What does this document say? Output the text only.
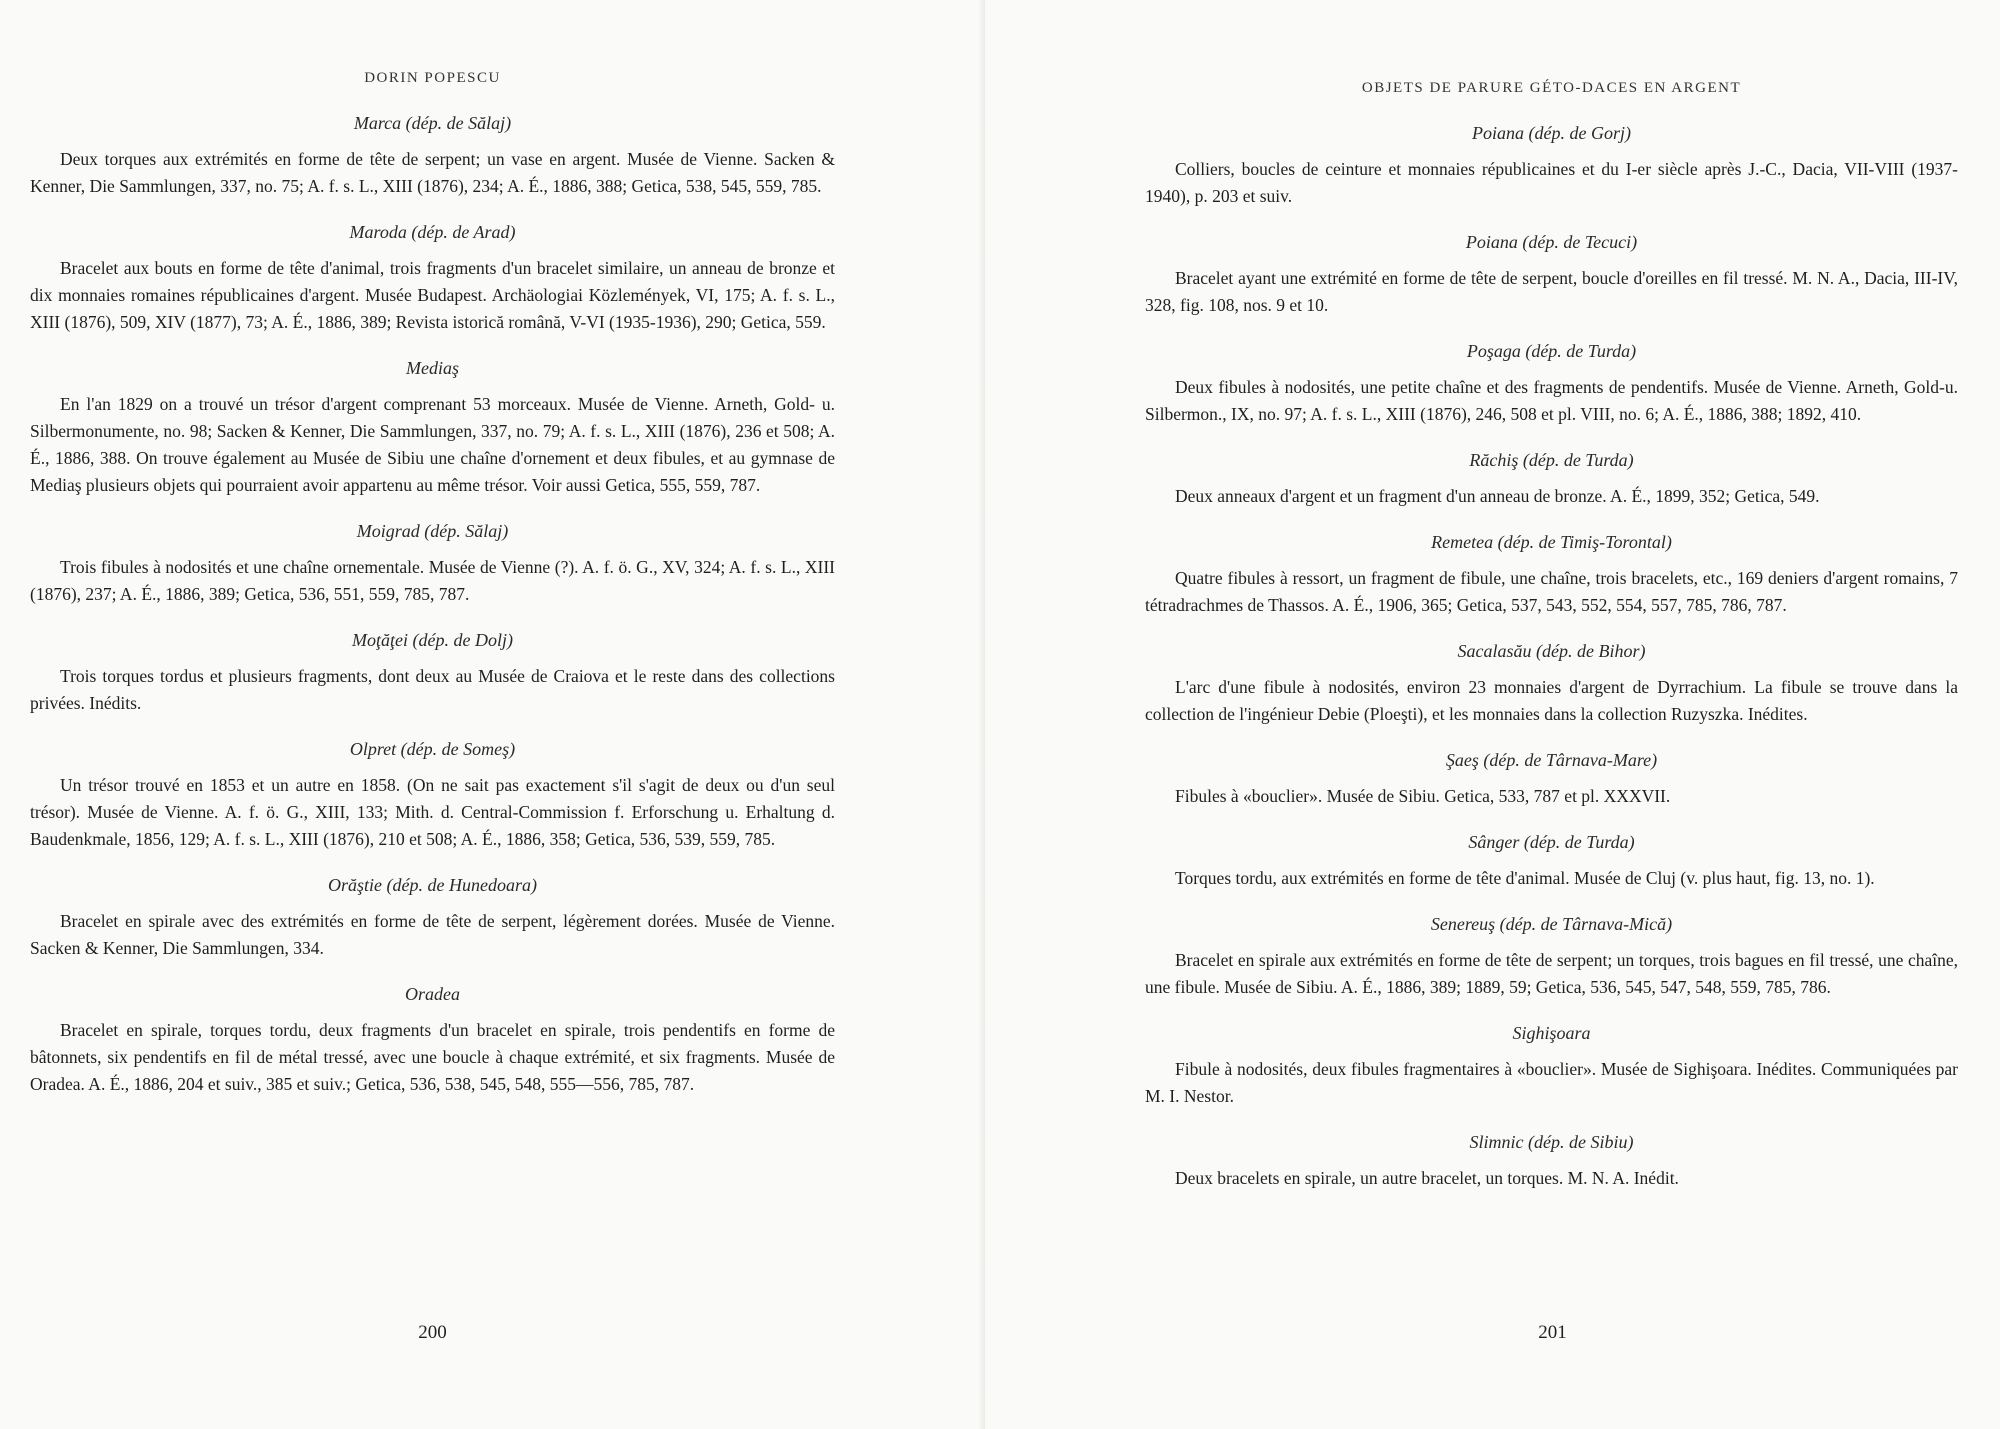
DORIN POPESCU
Marca (dép. de Sălaj)

Deux torques aux extrémités en forme de tête de serpent; un vase en argent. Musée de Vienne. Sacken & Kenner, Die Sammlungen, 337, no. 75; A. f. s. L., XIII (1876), 234; A. É., 1886, 388; Getica, 538, 545, 559, 785.

Maroda (dép. de Arad)

Bracelet aux bouts en forme de tête d'animal, trois fragments d'un bracelet similaire, un anneau de bronze et dix monnaies romaines républicaines d'argent. Musée Budapest. Archäologiai Közlemények, VI, 175; A. f. s. L., XIII (1876), 509, XIV (1877), 73; A. É., 1886, 389; Revista istorică română, V-VI (1935-1936), 290; Getica, 559.

Mediaş

En l'an 1829 on a trouvé un trésor d'argent comprenant 53 morceaux. Musée de Vienne. Arneth, Gold- u. Silbermonumente, no. 98; Sacken & Kenner, Die Sammlungen, 337, no. 79; A. f. s. L., XIII (1876), 236 et 508; A. É., 1886, 388. On trouve également au Musée de Sibiu une chaîne d'ornement et deux fibules, et au gymnase de Mediaş plusieurs objets qui pourraient avoir appartenu au même trésor. Voir aussi Getica, 555, 559, 787.

Moigrad (dép. Sălaj)

Trois fibules à nodosités et une chaîne ornementale. Musée de Vienne (?). A. f. ö. G., XV, 324; A. f. s. L., XIII (1876), 237; A. É., 1886, 389; Getica, 536, 551, 559, 785, 787.

Moţăţei (dép. de Dolj)

Trois torques tordus et plusieurs fragments, dont deux au Musée de Craiova et le reste dans des collections privées. Inédits.

Olpret (dép. de Someş)

Un trésor trouvé en 1853 et un autre en 1858. (On ne sait pas exactement s'il s'agit de deux ou d'un seul trésor). Musée de Vienne. A. f. ö. G., XIII, 133; Mith. d. Central-Commission f. Erforschung u. Erhaltung d. Baudenkmale, 1856, 129; A. f. s. L., XIII (1876), 210 et 508; A. É., 1886, 358; Getica, 536, 539, 559, 785.

Orăştie (dép. de Hunedoara)

Bracelet en spirale avec des extrémités en forme de tête de serpent, légèrement dorées. Musée de Vienne. Sacken & Kenner, Die Sammlungen, 334.

Oradea

Bracelet en spirale, torques tordu, deux fragments d'un bracelet en spirale, trois pendentifs en forme de bâtonnets, six pendentifs en fil de métal tressé, avec une boucle à chaque extrémité, et six fragments. Musée de Oradea. A. É., 1886, 204 et suiv., 385 et suiv.; Getica, 536, 538, 545, 548, 555—556, 785, 787.

200
OBJETS DE PARURE GÉTO-DACES EN ARGENT
Poiana (dép. de Gorj)

Colliers, boucles de ceinture et monnaies républicaines et du I-er siècle après J.-C., Dacia, VII-VIII (1937-1940), p. 203 et suiv.

Poiana (dép. de Tecuci)

Bracelet ayant une extrémité en forme de tête de serpent, boucle d'oreilles en fil tressé. M. N. A., Dacia, III-IV, 328, fig. 108, nos. 9 et 10.

Poşaga (dép. de Turda)

Deux fibules à nodosités, une petite chaîne et des fragments de pendentifs. Musée de Vienne. Arneth, Gold-u. Silbermon., IX, no. 97; A. f. s. L., XIII (1876), 246, 508 et pl. VIII, no. 6; A. É., 1886, 388; 1892, 410.

Răchiş (dép. de Turda)

Deux anneaux d'argent et un fragment d'un anneau de bronze. A. É., 1899, 352; Getica, 549.

Remetea (dép. de Timiş-Torontal)

Quatre fibules à ressort, un fragment de fibule, une chaîne, trois bracelets, etc., 169 deniers d'argent romains, 7 tétradrachmes de Thassos. A. É., 1906, 365; Getica, 537, 543, 552, 554, 557, 785, 786, 787.

Sacalasău (dép. de Bihor)

L'arc d'une fibule à nodosités, environ 23 monnaies d'argent de Dyrrachium. La fibule se trouve dans la collection de l'ingénieur Debie (Ploeşti), et les monnaies dans la collection Ruzyszka. Inédites.

Şaeş (dép. de Târnava-Mare)

Fibules à «bouclier». Musée de Sibiu. Getica, 533, 787 et pl. XXXVII.

Sânger (dép. de Turda)

Torques tordu, aux extrémités en forme de tête d'animal. Musée de Cluj (v. plus haut, fig. 13, no. 1).

Senereuş (dép. de Târnava-Mică)

Bracelet en spirale aux extrémités en forme de tête de serpent; un torques, trois bagues en fil tressé, une chaîne, une fibule. Musée de Sibiu. A. É., 1886, 389; 1889, 59; Getica, 536, 545, 547, 548, 559, 785, 786.

Sighişoara

Fibule à nodosités, deux fibules fragmentaires à «bouclier». Musée de Sighişoara. Inédites. Communiquées par M. I. Nestor.

Slimnic (dép. de Sibiu)

Deux bracelets en spirale, un autre bracelet, un torques. M. N. A. Inédit.

201
